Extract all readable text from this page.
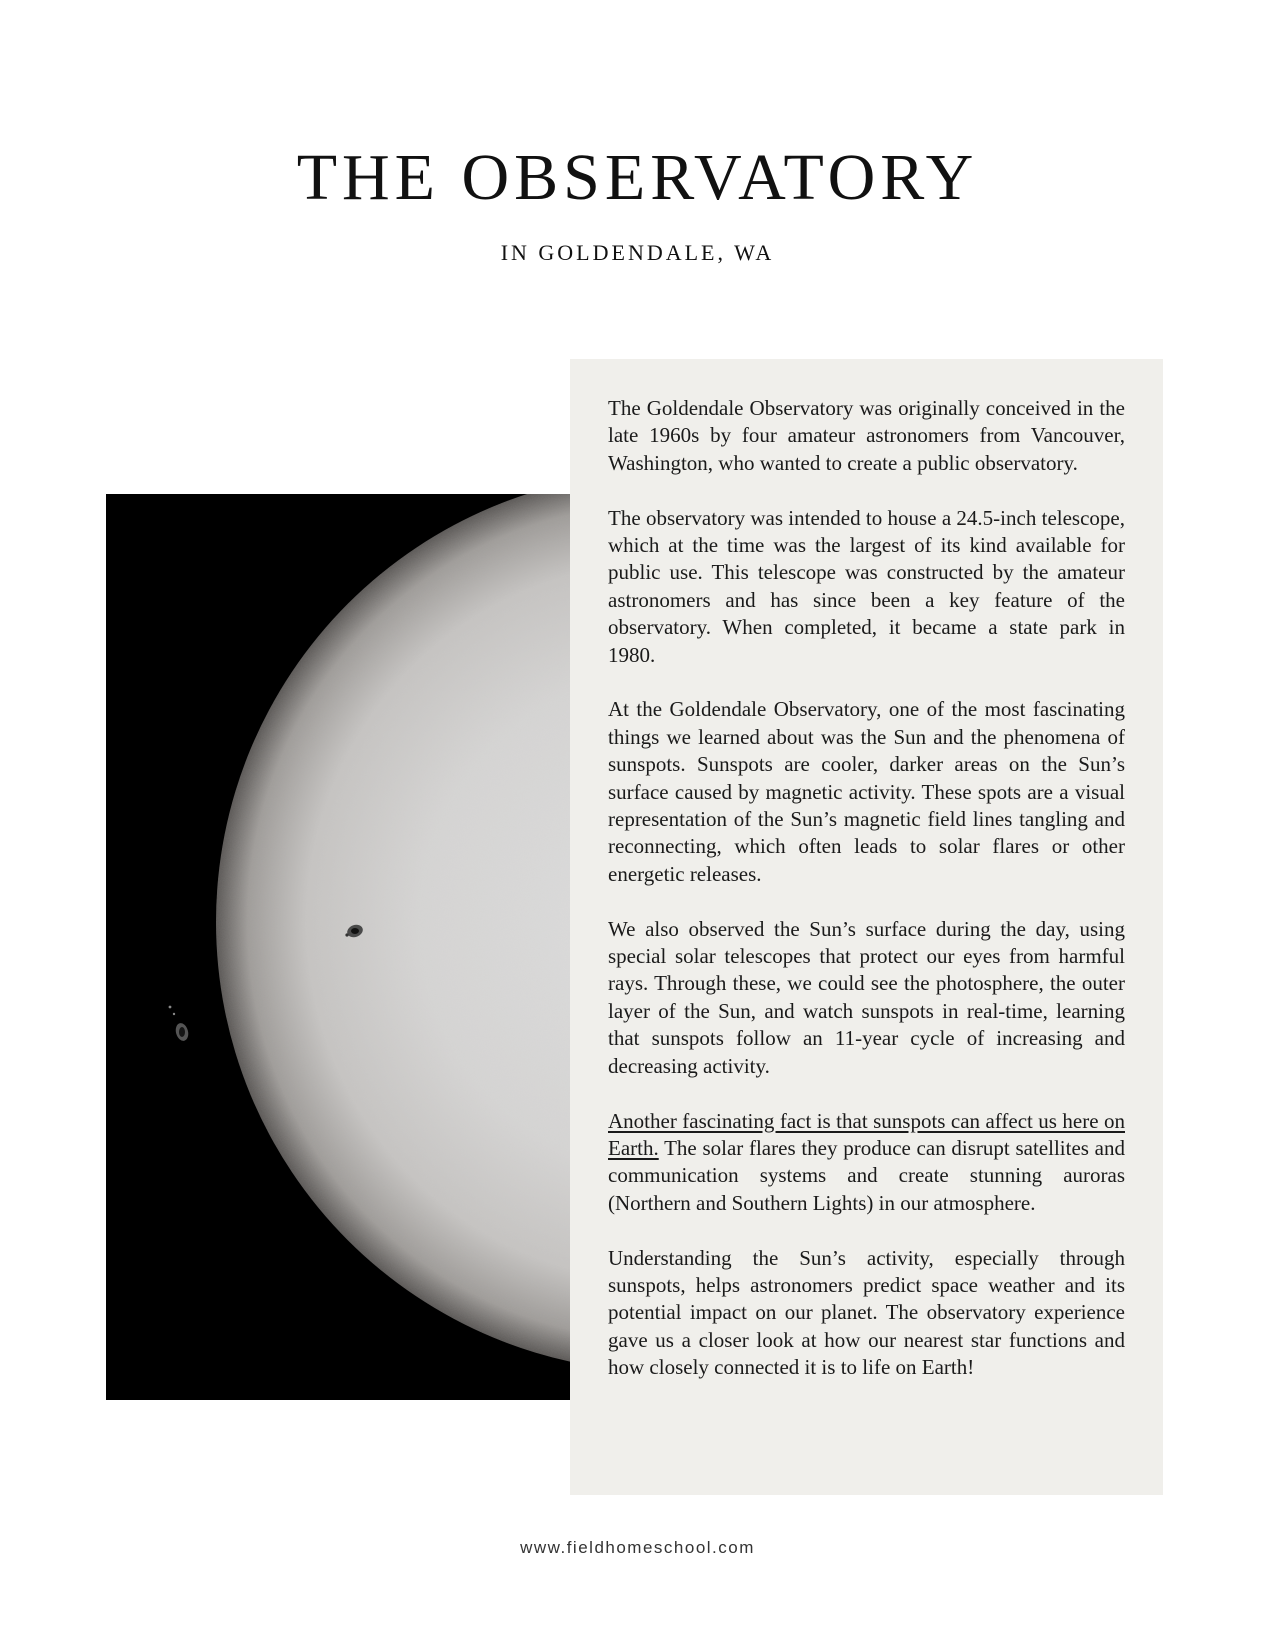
THE OBSERVATORY
IN GOLDENDALE, WA

The Goldendale Observatory was originally conceived in the late 1960s by four amateur astronomers from Vancouver, Washington, who wanted to create a public observatory.

The observatory was intended to house a 24.5-inch telescope, which at the time was the largest of its kind available for public use. This telescope was constructed by the amateur astronomers and has since been a key feature of the observatory. When completed, it became a state park in 1980.

At the Goldendale Observatory, one of the most fascinating things we learned about was the Sun and the phenomena of sunspots. Sunspots are cooler, darker areas on the Sun’s surface caused by magnetic activity. These spots are a visual representation of the Sun’s magnetic field lines tangling and reconnecting, which often leads to solar flares or other energetic releases.

We also observed the Sun’s surface during the day, using special solar telescopes that protect our eyes from harmful rays. Through these, we could see the photosphere, the outer layer of the Sun, and watch sunspots in real-time, learning that sunspots follow an 11-year cycle of increasing and decreasing activity.

Another fascinating fact is that sunspots can affect us here on Earth. The solar flares they produce can disrupt satellites and communication systems and create stunning auroras (Northern and Southern Lights) in our atmosphere.

Understanding the Sun’s activity, especially through sunspots, helps astronomers predict space weather and its potential impact on our planet. The observatory experience gave us a closer look at how our nearest star functions and how closely connected it is to life on Earth!

www.fieldhomeschool.com
